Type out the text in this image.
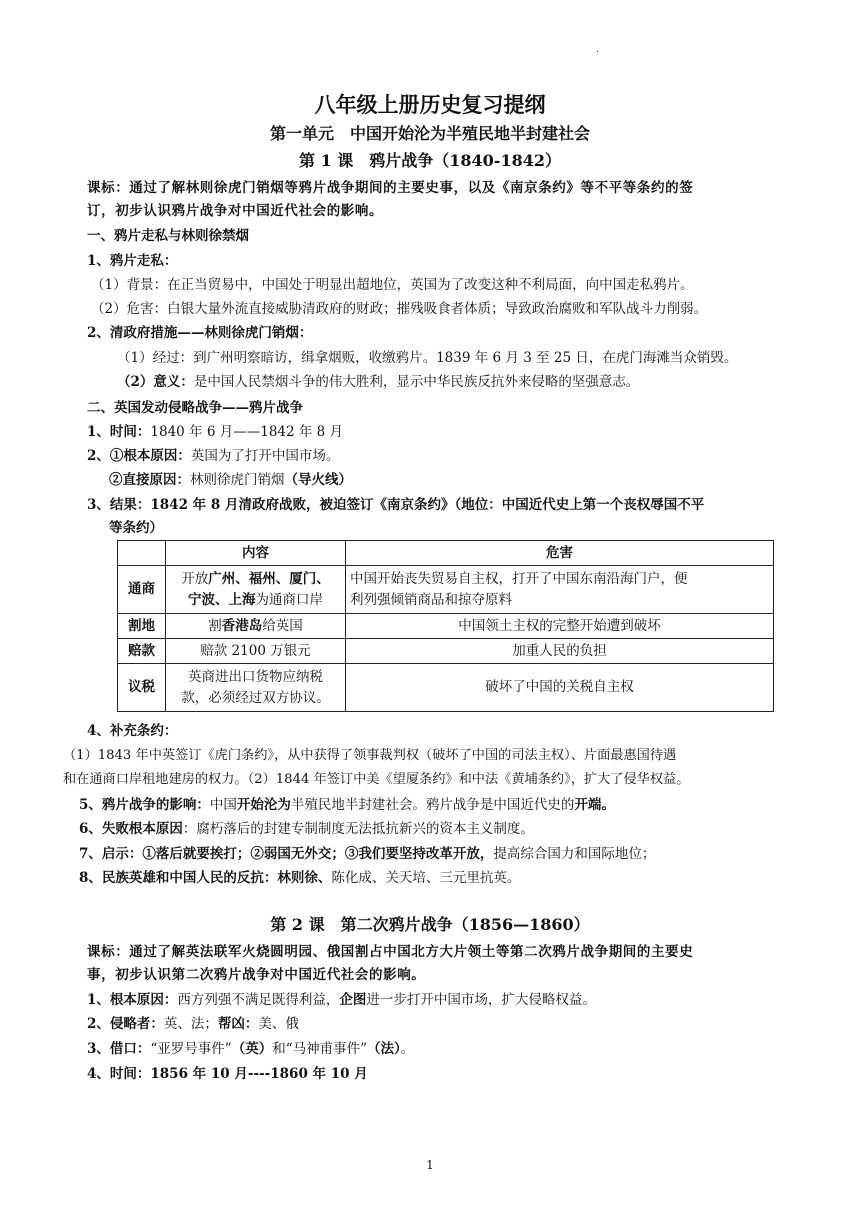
.
八年级上册历史复习提纲
第一单元　中国开始沦为半殖民地半封建社会
第 1 课　鸦片战争（1840-1842）
课标：通过了解林则徐虎门销烟等鸦片战争期间的主要史事，以及《南京条约》等不平等条约的签
订，初步认识鸦片战争对中国近代社会的影响。
一、鸦片走私与林则徐禁烟
1、鸦片走私：
（1）背景：在正当贸易中，中国处于明显出超地位，英国为了改变这种不利局面，向中国走私鸦片。
（2）危害：白银大量外流直接威胁清政府的财政；摧残吸食者体质；导致政治腐败和军队战斗力削弱。
2、清政府措施——林则徐虎门销烟：
（1）经过：到广州明察暗访，缉拿烟贩，收缴鸦片。1839 年 6 月 3 至 25 日，在虎门海滩当众销毁。
（2）意义：是中国人民禁烟斗争的伟大胜利，显示中华民族反抗外来侵略的坚强意志。
二、英国发动侵略战争——鸦片战争
1、时间：1840 年 6 月——1842 年 8 月
2、①根本原因：英国为了打开中国市场。
②直接原因：林则徐虎门销烟（导火线）
3、结果：1842 年 8 月清政府战败，被迫签订《南京条约》（地位：中国近代史上第一个丧权辱国不平
等条约）
	内容	危害
通商	开放广州、福州、厦门、
宁波、上海为通商口岸	中国开始丧失贸易自主权，打开了中国东南沿海门户，便
利列强倾销商品和掠夺原料
割地	割香港岛给英国	中国领土主权的完整开始遭到破坏
赔款	赔款 2100 万银元	加重人民的负担
议税	英商进出口货物应纳税
款，必须经过双方协议。	破坏了中国的关税自主权
4、补充条约：
（1）1843 年中英签订《虎门条约》，从中获得了领事裁判权（破坏了中国的司法主权）、片面最惠国待遇
和在通商口岸租地建房的权力。（2）1844 年签订中美《望厦条约》和中法《黄埔条约》，扩大了侵华权益。
5、鸦片战争的影响：中国开始沦为半殖民地半封建社会。鸦片战争是中国近代史的开端。
6、失败根本原因：腐朽落后的封建专制制度无法抵抗新兴的资本主义制度。
7、启示：①落后就要挨打；②弱国无外交；③我们要坚持改革开放，提高综合国力和国际地位；
8、民族英雄和中国人民的反抗：林则徐、陈化成、关天培、三元里抗英。
第 2 课　第二次鸦片战争（1856—1860）
课标：通过了解英法联军火烧圆明园、俄国割占中国北方大片领土等第二次鸦片战争期间的主要史
事，初步认识第二次鸦片战争对中国近代社会的影响。
1、根本原因：西方列强不满足既得利益，企图进一步打开中国市场，扩大侵略权益。
2、侵略者：英、法；帮凶：美、俄
3、借口：“亚罗号事件”（英）和“马神甫事件”（法）。
4、时间：1856 年 10 月----1860 年 10 月
1
